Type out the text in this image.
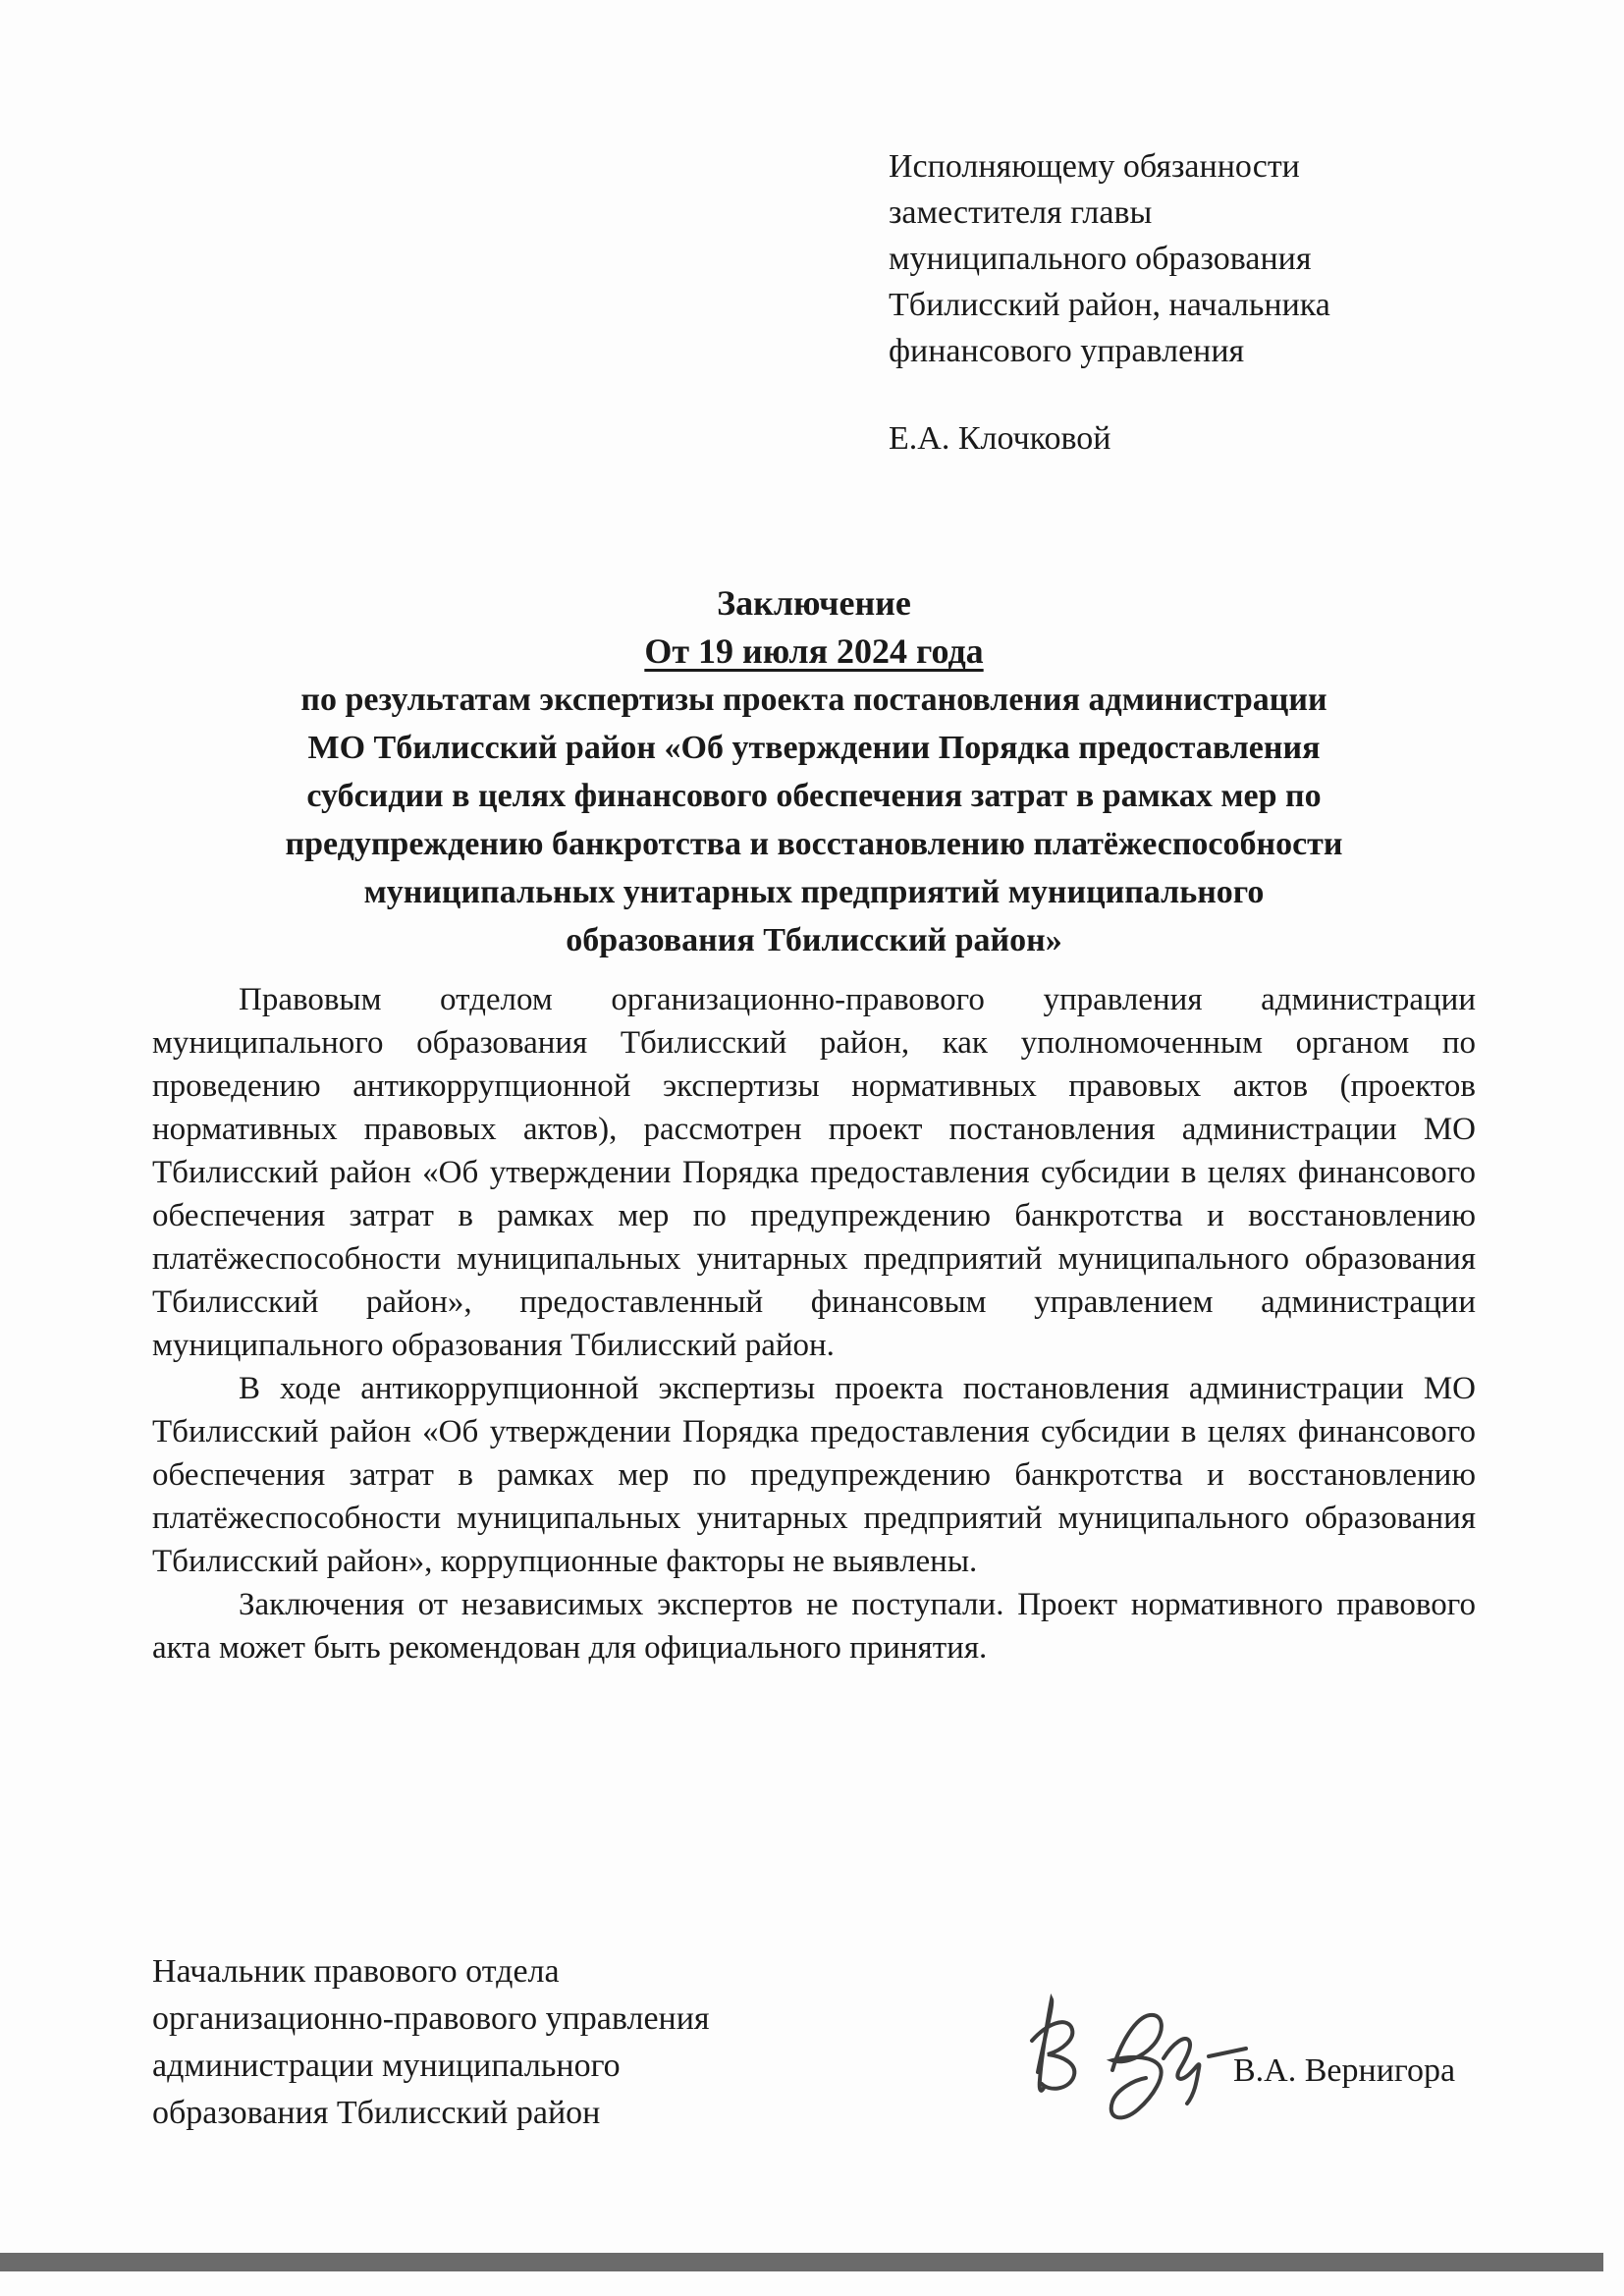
Исполняющему обязанности
заместителя главы
муниципального образования
Тбилисский район, начальника
финансового управления
Е.А. Клочковой
Заключение
От 19 июля 2024 года
по результатам экспертизы проекта постановления администрации
МО Тбилисский район «Об утверждении Порядка предоставления
субсидии в целях финансового обеспечения затрат в рамках мер по
предупреждению банкротства и восстановлению платёжеспособности
муниципальных унитарных предприятий муниципального
образования Тбилисский район»

Правовым отделом организационно-правового управления администрации муниципального образования Тбилисский район, как уполномоченным органом по проведению антикоррупционной экспертизы нормативных правовых актов (проектов нормативных правовых актов), рассмотрен проект постановления администрации МО Тбилисский район «Об утверждении Порядка предоставления субсидии в целях финансового обеспечения затрат в рамках мер по предупреждению банкротства и восстановлению платёжеспособности муниципальных унитарных предприятий муниципального образования Тбилисский район», предоставленный финансовым управлением администрации муниципального образования Тбилисский район.

В ходе антикоррупционной экспертизы проекта постановления администрации МО Тбилисский район «Об утверждении Порядка предоставления субсидии в целях финансового обеспечения затрат в рамках мер по предупреждению банкротства и восстановлению платёжеспособности муниципальных унитарных предприятий муниципального образования Тбилисский район», коррупционные факторы не выявлены.

Заключения от независимых экспертов не поступали. Проект нормативного правового акта может быть рекомендован для официального принятия.

Начальник правового отдела
организационно-правового управления
администрации муниципального
образования Тбилисский район
В.А. Вернигора
